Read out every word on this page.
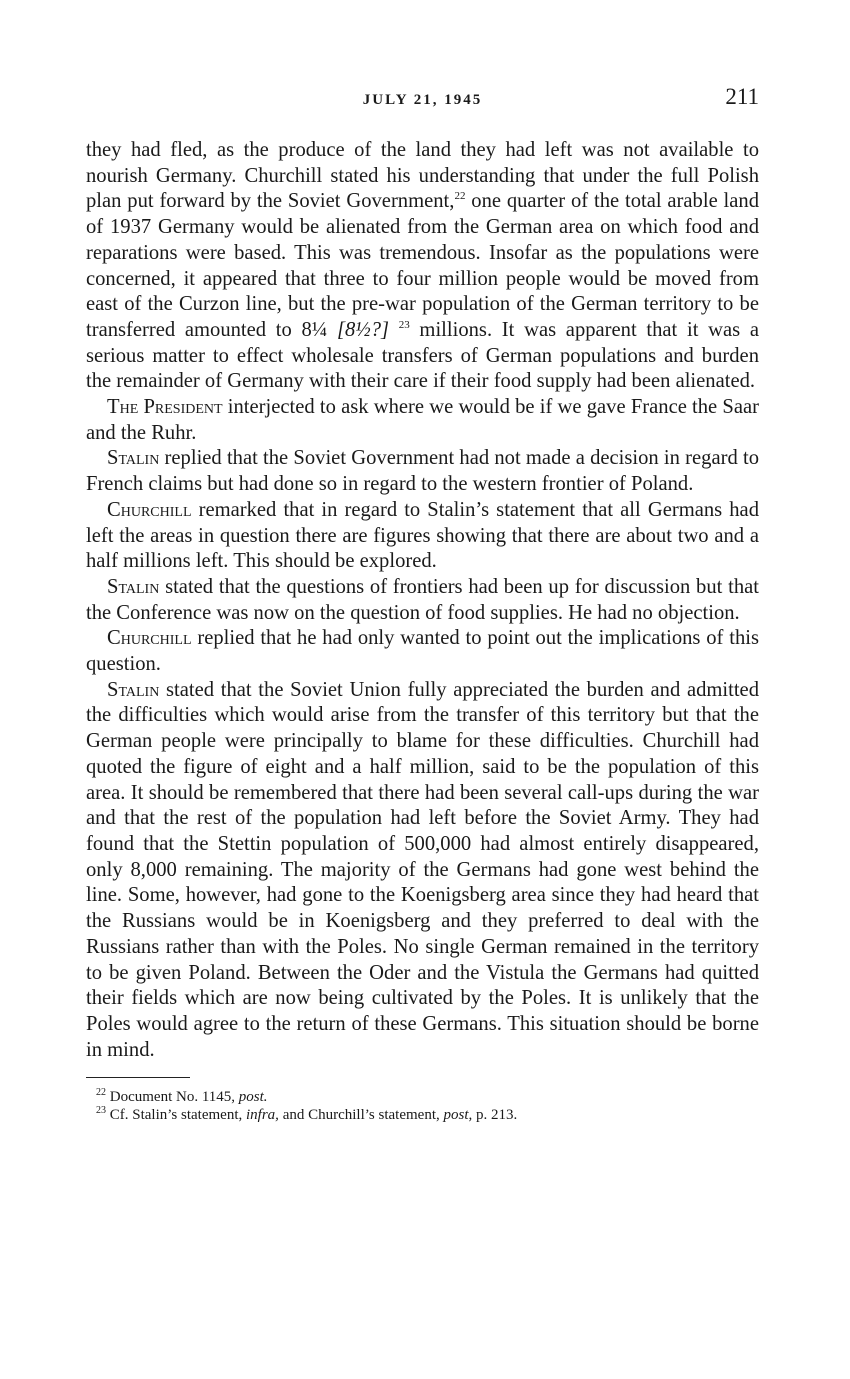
JULY 21, 1945	211

they had fled, as the produce of the land they had left was not available to nourish Germany. Churchill stated his understanding that under the full Polish plan put forward by the Soviet Government,$^{22}$ one quarter of the total arable land of 1937 Germany would be alienated from the German area on which food and reparations were based. This was tremendous. Insofar as the populations were concerned, it appeared that three to four million people would be moved from east of the Curzon line, but the pre-war population of the German territory to be transferred amounted to 8¼ [8½?] $^{23}$ millions. It was apparent that it was a serious matter to effect wholesale transfers of German populations and burden the remainder of Germany with their care if their food supply had been alienated.

The President interjected to ask where we would be if we gave France the Saar and the Ruhr.

Stalin replied that the Soviet Government had not made a decision in regard to French claims but had done so in regard to the western frontier of Poland.

Churchill remarked that in regard to Stalin’s statement that all Germans had left the areas in question there are figures showing that there are about two and a half millions left. This should be explored.

Stalin stated that the questions of frontiers had been up for discussion but that the Conference was now on the question of food supplies. He had no objection.

Churchill replied that he had only wanted to point out the implications of this question.

Stalin stated that the Soviet Union fully appreciated the burden and admitted the difficulties which would arise from the transfer of this territory but that the German people were principally to blame for these difficulties. Churchill had quoted the figure of eight and a half million, said to be the population of this area. It should be remembered that there had been several call-ups during the war and that the rest of the population had left before the Soviet Army. They had found that the Stettin population of 500,000 had almost entirely disappeared, only 8,000 remaining. The majority of the Germans had gone west behind the line. Some, however, had gone to the Koenigsberg area since they had heard that the Russians would be in Koenigsberg and they preferred to deal with the Russians rather than with the Poles. No single German remained in the territory to be given Poland. Between the Oder and the Vistula the Germans had quitted their fields which are now being cultivated by the Poles. It is unlikely that the Poles would agree to the return of these Germans. This situation should be borne in mind.

$^{22}$ Document No. 1145, post.
$^{23}$ Cf. Stalin’s statement, infra, and Churchill’s statement, post, p. 213.
